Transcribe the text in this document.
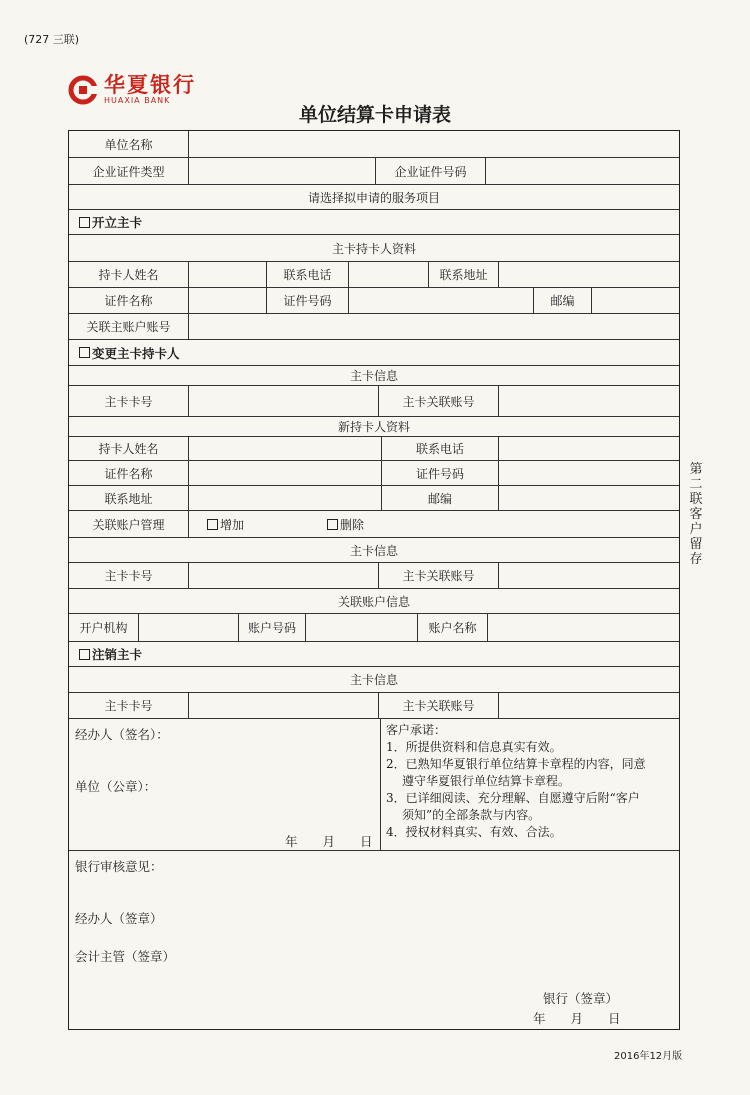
(727 三联)
华夏银行
HUAXIA BANK
单位结算卡申请表
单位名称
企业证件类型	企业证件号码
请选择拟申请的服务项目
开立主卡
主卡持卡人资料
持卡人姓名	联系电话	联系地址
证件名称	证件号码	邮编
关联主账户账号
变更主卡持卡人
主卡信息
主卡卡号	主卡关联账号
新持卡人资料
持卡人姓名	联系电话
证件名称	证件号码
联系地址	邮编
关联账户管理	增加	删除
主卡信息
主卡卡号	主卡关联账号
关联账户信息
开户机构	账户号码	账户名称
注销主卡
主卡信息
主卡卡号	主卡关联账号
经办人（签名）：
单位（公章）：
年　　月　　日
客户承诺：
1．所提供资料和信息真实有效。
2．已熟知华夏银行单位结算卡章程的内容，同意
遵守华夏银行单位结算卡章程。
3．已详细阅读、充分理解、自愿遵守后附“客户
须知”的全部条款与内容。
4．授权材料真实、有效、合法。
银行审核意见：
经办人（签章）
会计主管（签章）
银行（签章）
年　　月　　日
第二联 客户留存
2016年12月版
